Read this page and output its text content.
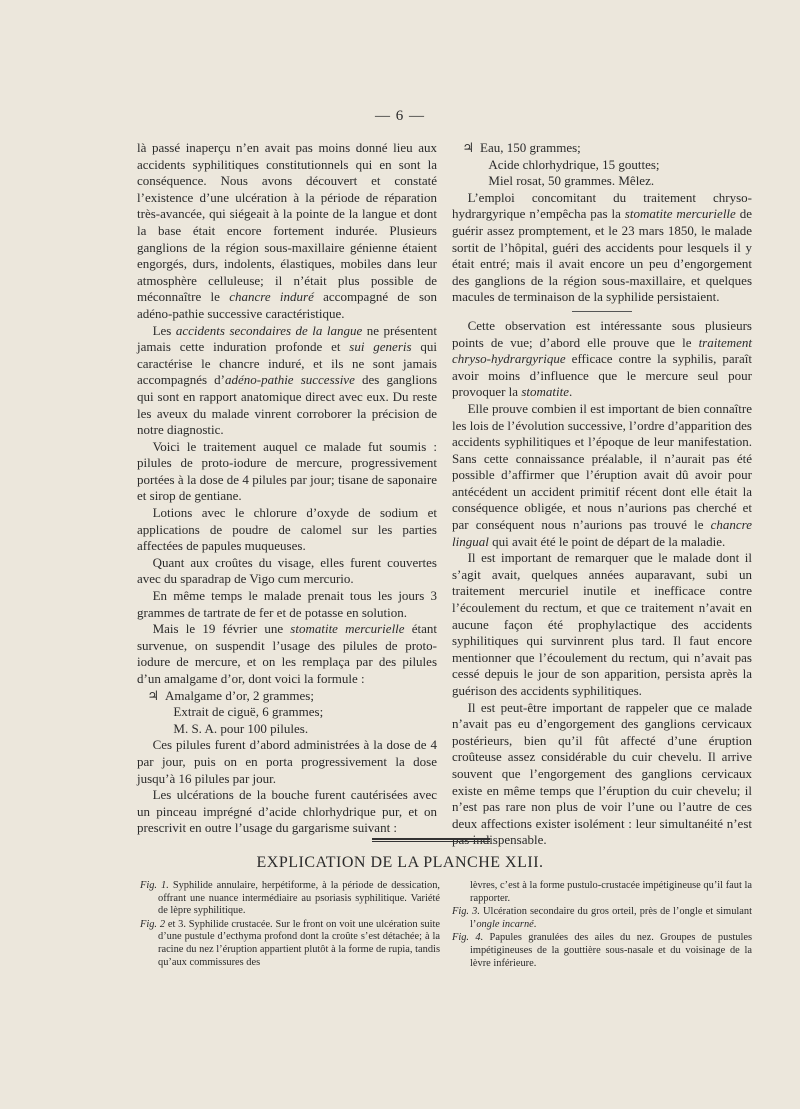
— 6 —

là passé inaperçu n’en avait pas moins donné lieu aux accidents syphilitiques constitutionnels qui en sont la conséquence. Nous avons découvert et constaté l’existence d’une ulcération à la période de réparation très-avancée, qui siégeait à la pointe de la langue et dont la base était encore fortement indurée. Plusieurs ganglions de la région sous-maxillaire génienne étaient engorgés, durs, indolents, élastiques, mobiles dans leur atmosphère celluleuse; il n’était plus possible de méconnaître le chancre induré accompagné de son adéno-pathie successive caractéristique.

Les accidents secondaires de la langue ne présentent jamais cette induration profonde et sui generis qui caractérise le chancre induré, et ils ne sont jamais accompagnés d’adéno-pathie successive des ganglions qui sont en rapport anatomique direct avec eux. Du reste les aveux du malade vinrent corroborer la précision de notre diagnostic.

Voici le traitement auquel ce malade fut soumis : pilules de proto-iodure de mercure, progressivement portées à la dose de 4 pilules par jour; tisane de saponaire et sirop de gentiane.

Lotions avec le chlorure d’oxyde de sodium et applications de poudre de calomel sur les parties affectées de papules muqueuses.

Quant aux croûtes du visage, elles furent couvertes avec du sparadrap de Vigo cum mercurio.

En même temps le malade prenait tous les jours 3 grammes de tartrate de fer et de potasse en solution.

Mais le 19 février une stomatite mercurielle étant survenue, on suspendit l’usage des pilules de proto-iodure de mercure, et on les remplaça par des pilules d’un amalgame d’or, dont voici la formule :

♃ Amalgame d’or, 2 grammes;
Extrait de ciguë, 6 grammes;
M. S. A. pour 100 pilules.

Ces pilules furent d’abord administrées à la dose de 4 par jour, puis on en porta progressivement la dose jusqu’à 16 pilules par jour.

Les ulcérations de la bouche furent cautérisées avec un pinceau imprégné d’acide chlorhydrique pur, et on prescrivit en outre l’usage du gargarisme suivant :

♃ Eau, 150 grammes;
Acide chlorhydrique, 15 gouttes;
Miel rosat, 50 grammes. Mêlez.

L’emploi concomitant du traitement chryso-hydrargyrique n’empêcha pas la stomatite mercurielle de guérir assez promptement, et le 23 mars 1850, le malade sortit de l’hôpital, guéri des accidents pour lesquels il y était entré; mais il avait encore un peu d’engorgement des ganglions de la région sous-maxillaire, et quelques macules de terminaison de la syphilide persistaient.

Cette observation est intéressante sous plusieurs points de vue; d’abord elle prouve que le traitement chryso-hydrargyrique efficace contre la syphilis, paraît avoir moins d’influence que le mercure seul pour provoquer la stomatite.

Elle prouve combien il est important de bien connaître les lois de l’évolution successive, l’ordre d’apparition des accidents syphilitiques et l’époque de leur manifestation. Sans cette connaissance préalable, il n’aurait pas été possible d’affirmer que l’éruption avait dû avoir pour antécédent un accident primitif récent dont elle était la conséquence obligée, et nous n’aurions pas cherché et par conséquent nous n’aurions pas trouvé le chancre lingual qui avait été le point de départ de la maladie.

Il est important de remarquer que le malade dont il s’agit avait, quelques années auparavant, subi un traitement mercuriel inutile et inefficace contre l’écoulement du rectum, et que ce traitement n’avait en aucune façon été prophylactique des accidents syphilitiques qui survinrent plus tard. Il faut encore mentionner que l’écoulement du rectum, qui n’avait pas cessé depuis le jour de son apparition, persista après la guérison des accidents syphilitiques.

Il est peut-être important de rappeler que ce malade n’avait pas eu d’engorgement des ganglions cervicaux postérieurs, bien qu’il fût affecté d’une éruption croûteuse assez considérable du cuir chevelu. Il arrive souvent que l’engorgement des ganglions cervicaux existe en même temps que l’éruption du cuir chevelu; il n’est pas rare non plus de voir l’une ou l’autre de ces deux affections exister isolément : leur simultanéité n’est pas indispensable.

EXPLICATION DE LA PLANCHE XLII.

Fig. 1. Syphilide annulaire, herpétiforme, à la période de dessication, offrant une nuance intermédiaire au psoriasis syphilitique. Variété de lèpre syphilitique.

Fig. 2 et 3. Syphilide crustacée. Sur le front on voit une ulcération suite d’une pustule d’ecthyma profond dont la croûte s’est détachée; à la racine du nez l’éruption appartient plutôt à la forme de rupia, tandis qu’aux commissures des

lèvres, c’est à la forme pustulo-crustacée impétigineuse qu’il faut la rapporter.

Fig. 3. Ulcération secondaire du gros orteil, près de l’ongle et simulant l’ongle incarné.

Fig. 4. Papules granulées des ailes du nez. Groupes de pustules impétigineuses de la gouttière sous-nasale et du voisinage de la lèvre inférieure.
